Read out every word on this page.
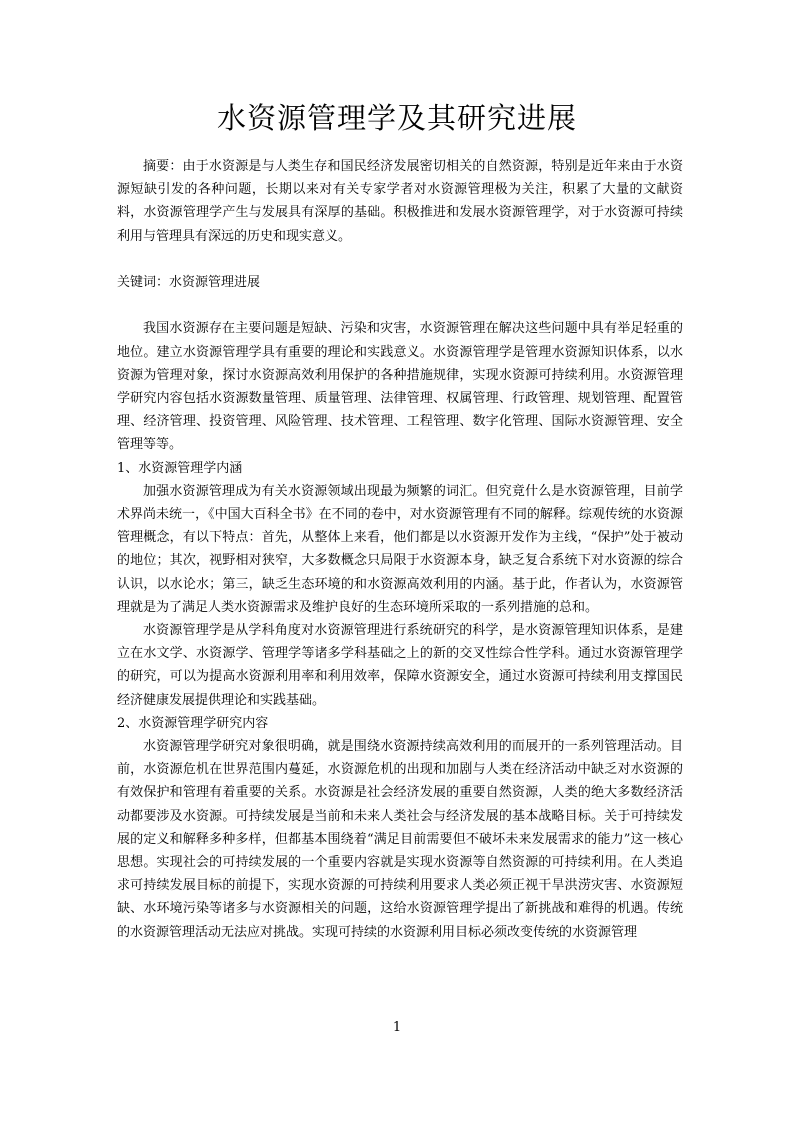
水资源管理学及其研究进展

摘要：由于水资源是与人类生存和国民经济发展密切相关的自然资源，特别是近年来由于水资源短缺引发的各种问题，长期以来对有关专家学者对水资源管理极为关注，积累了大量的文献资料，水资源管理学产生与发展具有深厚的基础。积极推进和发展水资源管理学，对于水资源可持续利用与管理具有深远的历史和现实意义。

关键词：水资源管理进展

我国水资源存在主要问题是短缺、污染和灾害，水资源管理在解决这些问题中具有举足轻重的地位。建立水资源管理学具有重要的理论和实践意义。水资源管理学是管理水资源知识体系，以水资源为管理对象，探讨水资源高效利用保护的各种措施规律，实现水资源可持续利用。水资源管理学研究内容包括水资源数量管理、质量管理、法律管理、权属管理、行政管理、规划管理、配置管理、经济管理、投资管理、风险管理、技术管理、工程管理、数字化管理、国际水资源管理、安全管理等等。

1、水资源管理学内涵

加强水资源管理成为有关水资源领域出现最为频繁的词汇。但究竟什么是水资源管理，目前学术界尚未统一，《中国大百科全书》在不同的卷中，对水资源管理有不同的解释。综观传统的水资源管理概念，有以下特点：首先，从整体上来看，他们都是以水资源开发作为主线，“保护”处于被动的地位；其次，视野相对狭窄，大多数概念只局限于水资源本身，缺乏复合系统下对水资源的综合认识，以水论水；第三，缺乏生态环境的和水资源高效利用的内涵。基于此，作者认为，水资源管理就是为了满足人类水资源需求及维护良好的生态环境所采取的一系列措施的总和。

水资源管理学是从学科角度对水资源管理进行系统研究的科学，是水资源管理知识体系，是建立在水文学、水资源学、管理学等诸多学科基础之上的新的交叉性综合性学科。通过水资源管理学的研究，可以为提高水资源利用率和利用效率，保障水资源安全，通过水资源可持续利用支撑国民经济健康发展提供理论和实践基础。

2、水资源管理学研究内容

水资源管理学研究对象很明确，就是围绕水资源持续高效利用的而展开的一系列管理活动。目前，水资源危机在世界范围内蔓延，水资源危机的出现和加剧与人类在经济活动中缺乏对水资源的有效保护和管理有着重要的关系。水资源是社会经济发展的重要自然资源，人类的绝大多数经济活动都要涉及水资源。可持续发展是当前和未来人类社会与经济发展的基本战略目标。关于可持续发展的定义和解释多种多样，但都基本围绕着“满足目前需要但不破坏未来发展需求的能力”这一核心思想。实现社会的可持续发展的一个重要内容就是实现水资源等自然资源的可持续利用。在人类追求可持续发展目标的前提下，实现水资源的可持续利用要求人类必须正视干旱洪涝灾害、水资源短缺、水环境污染等诸多与水资源相关的问题，这给水资源管理学提出了新挑战和难得的机遇。传统的水资源管理活动无法应对挑战。实现可持续的水资源利用目标必须改变传统的水资源管理

1
